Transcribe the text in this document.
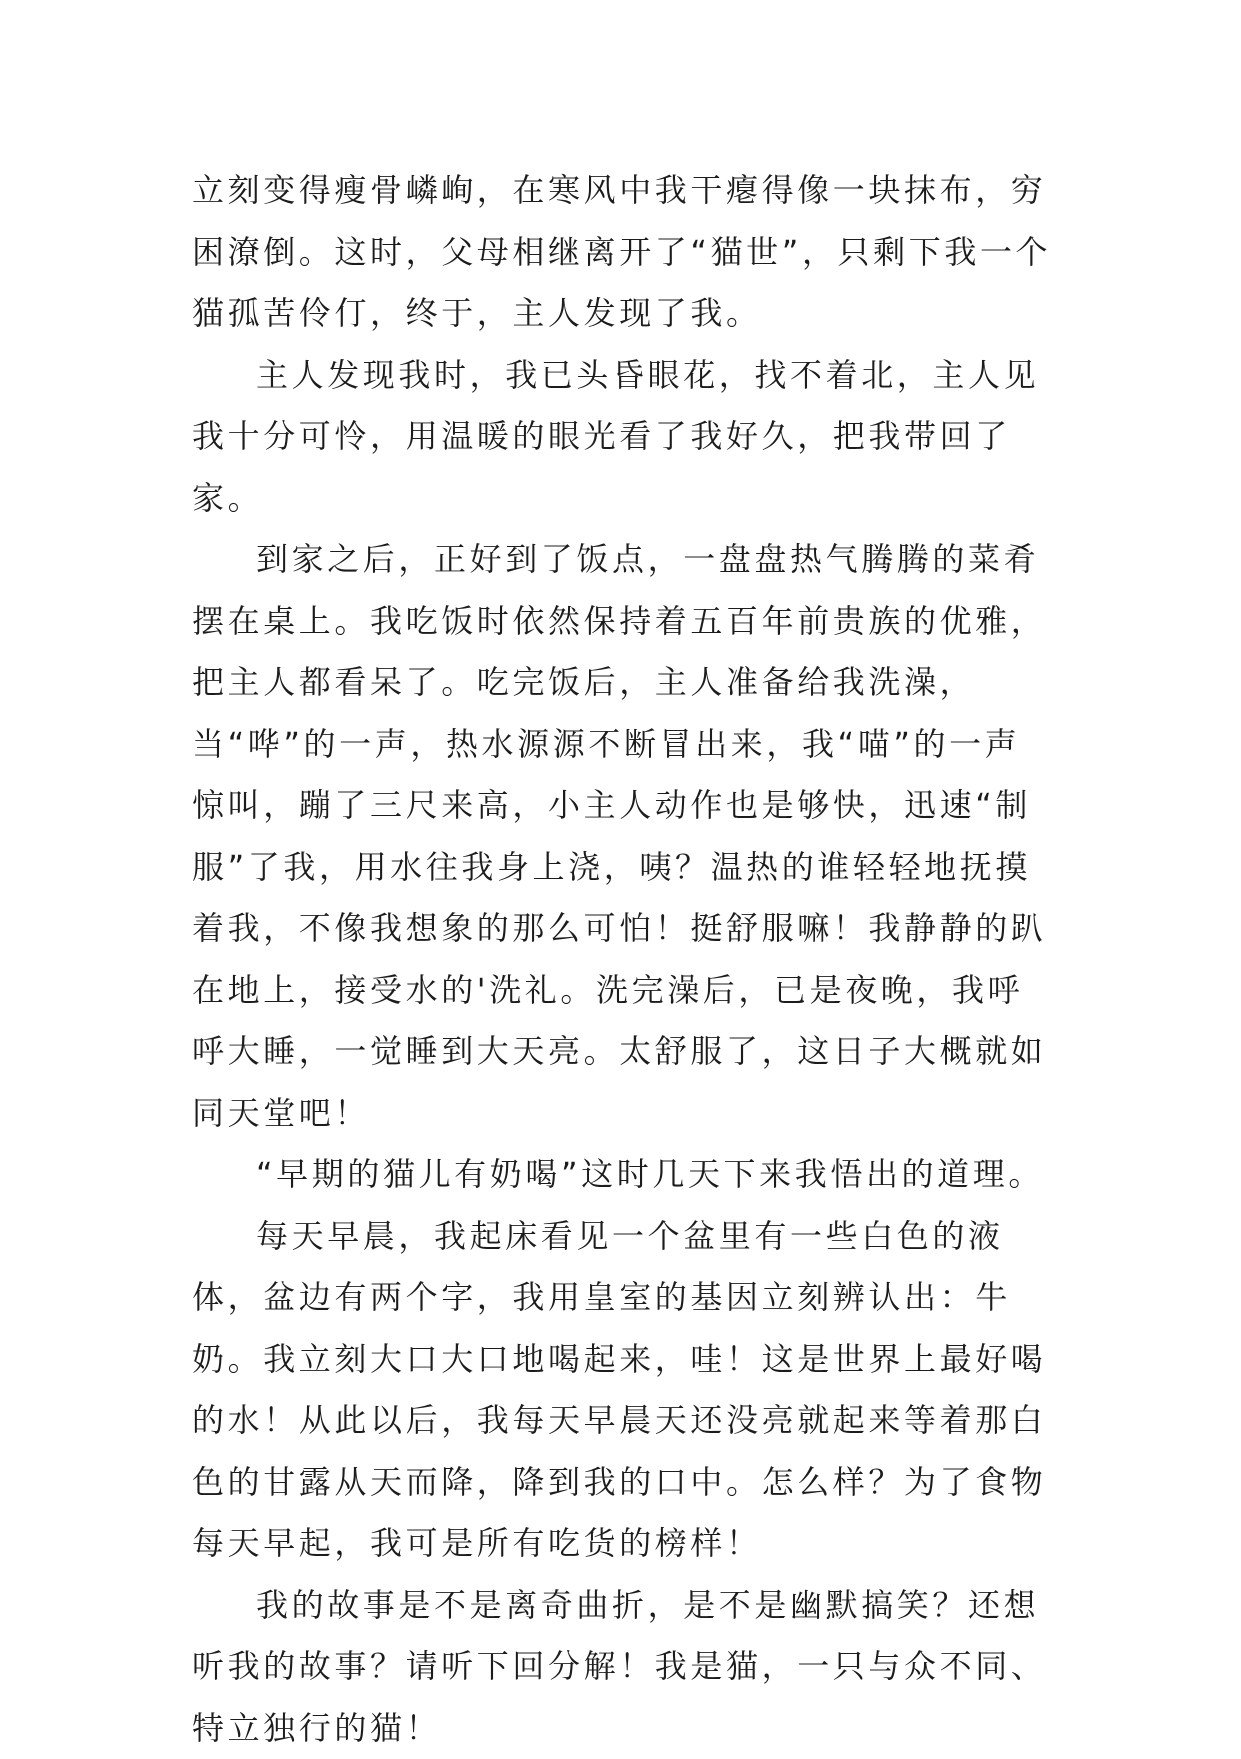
立刻变得瘦骨嶙峋，在寒风中我干瘪得像一块抹布，穷困潦倒。这时，父母相继离开了“猫世”，只剩下我一个猫孤苦伶仃，终于，主人发现了我。

主人发现我时，我已头昏眼花，找不着北，主人见我十分可怜，用温暖的眼光看了我好久，把我带回了家。

到家之后，正好到了饭点，一盘盘热气腾腾的菜肴摆在桌上。我吃饭时依然保持着五百年前贵族的优雅，把主人都看呆了。吃完饭后，主人准备给我洗澡，当“哗”的一声，热水源源不断冒出来，我“喵”的一声惊叫，蹦了三尺来高，小主人动作也是够快，迅速“制服”了我，用水往我身上浇，咦？温热的谁轻轻地抚摸着我，不像我想象的那么可怕！挺舒服嘛！我静静的趴在地上，接受水的'洗礼。洗完澡后，已是夜晚，我呼呼大睡，一觉睡到大天亮。太舒服了，这日子大概就如同天堂吧！

“早期的猫儿有奶喝”这时几天下来我悟出的道理。

每天早晨，我起床看见一个盆里有一些白色的液体，盆边有两个字，我用皇室的基因立刻辨认出：牛奶。我立刻大口大口地喝起来，哇！这是世界上最好喝的水！从此以后，我每天早晨天还没亮就起来等着那白色的甘露从天而降，降到我的口中。怎么样？为了食物每天早起，我可是所有吃货的榜样！

我的故事是不是离奇曲折，是不是幽默搞笑？还想听我的故事？请听下回分解！我是猫，一只与众不同、特立独行的猫！
